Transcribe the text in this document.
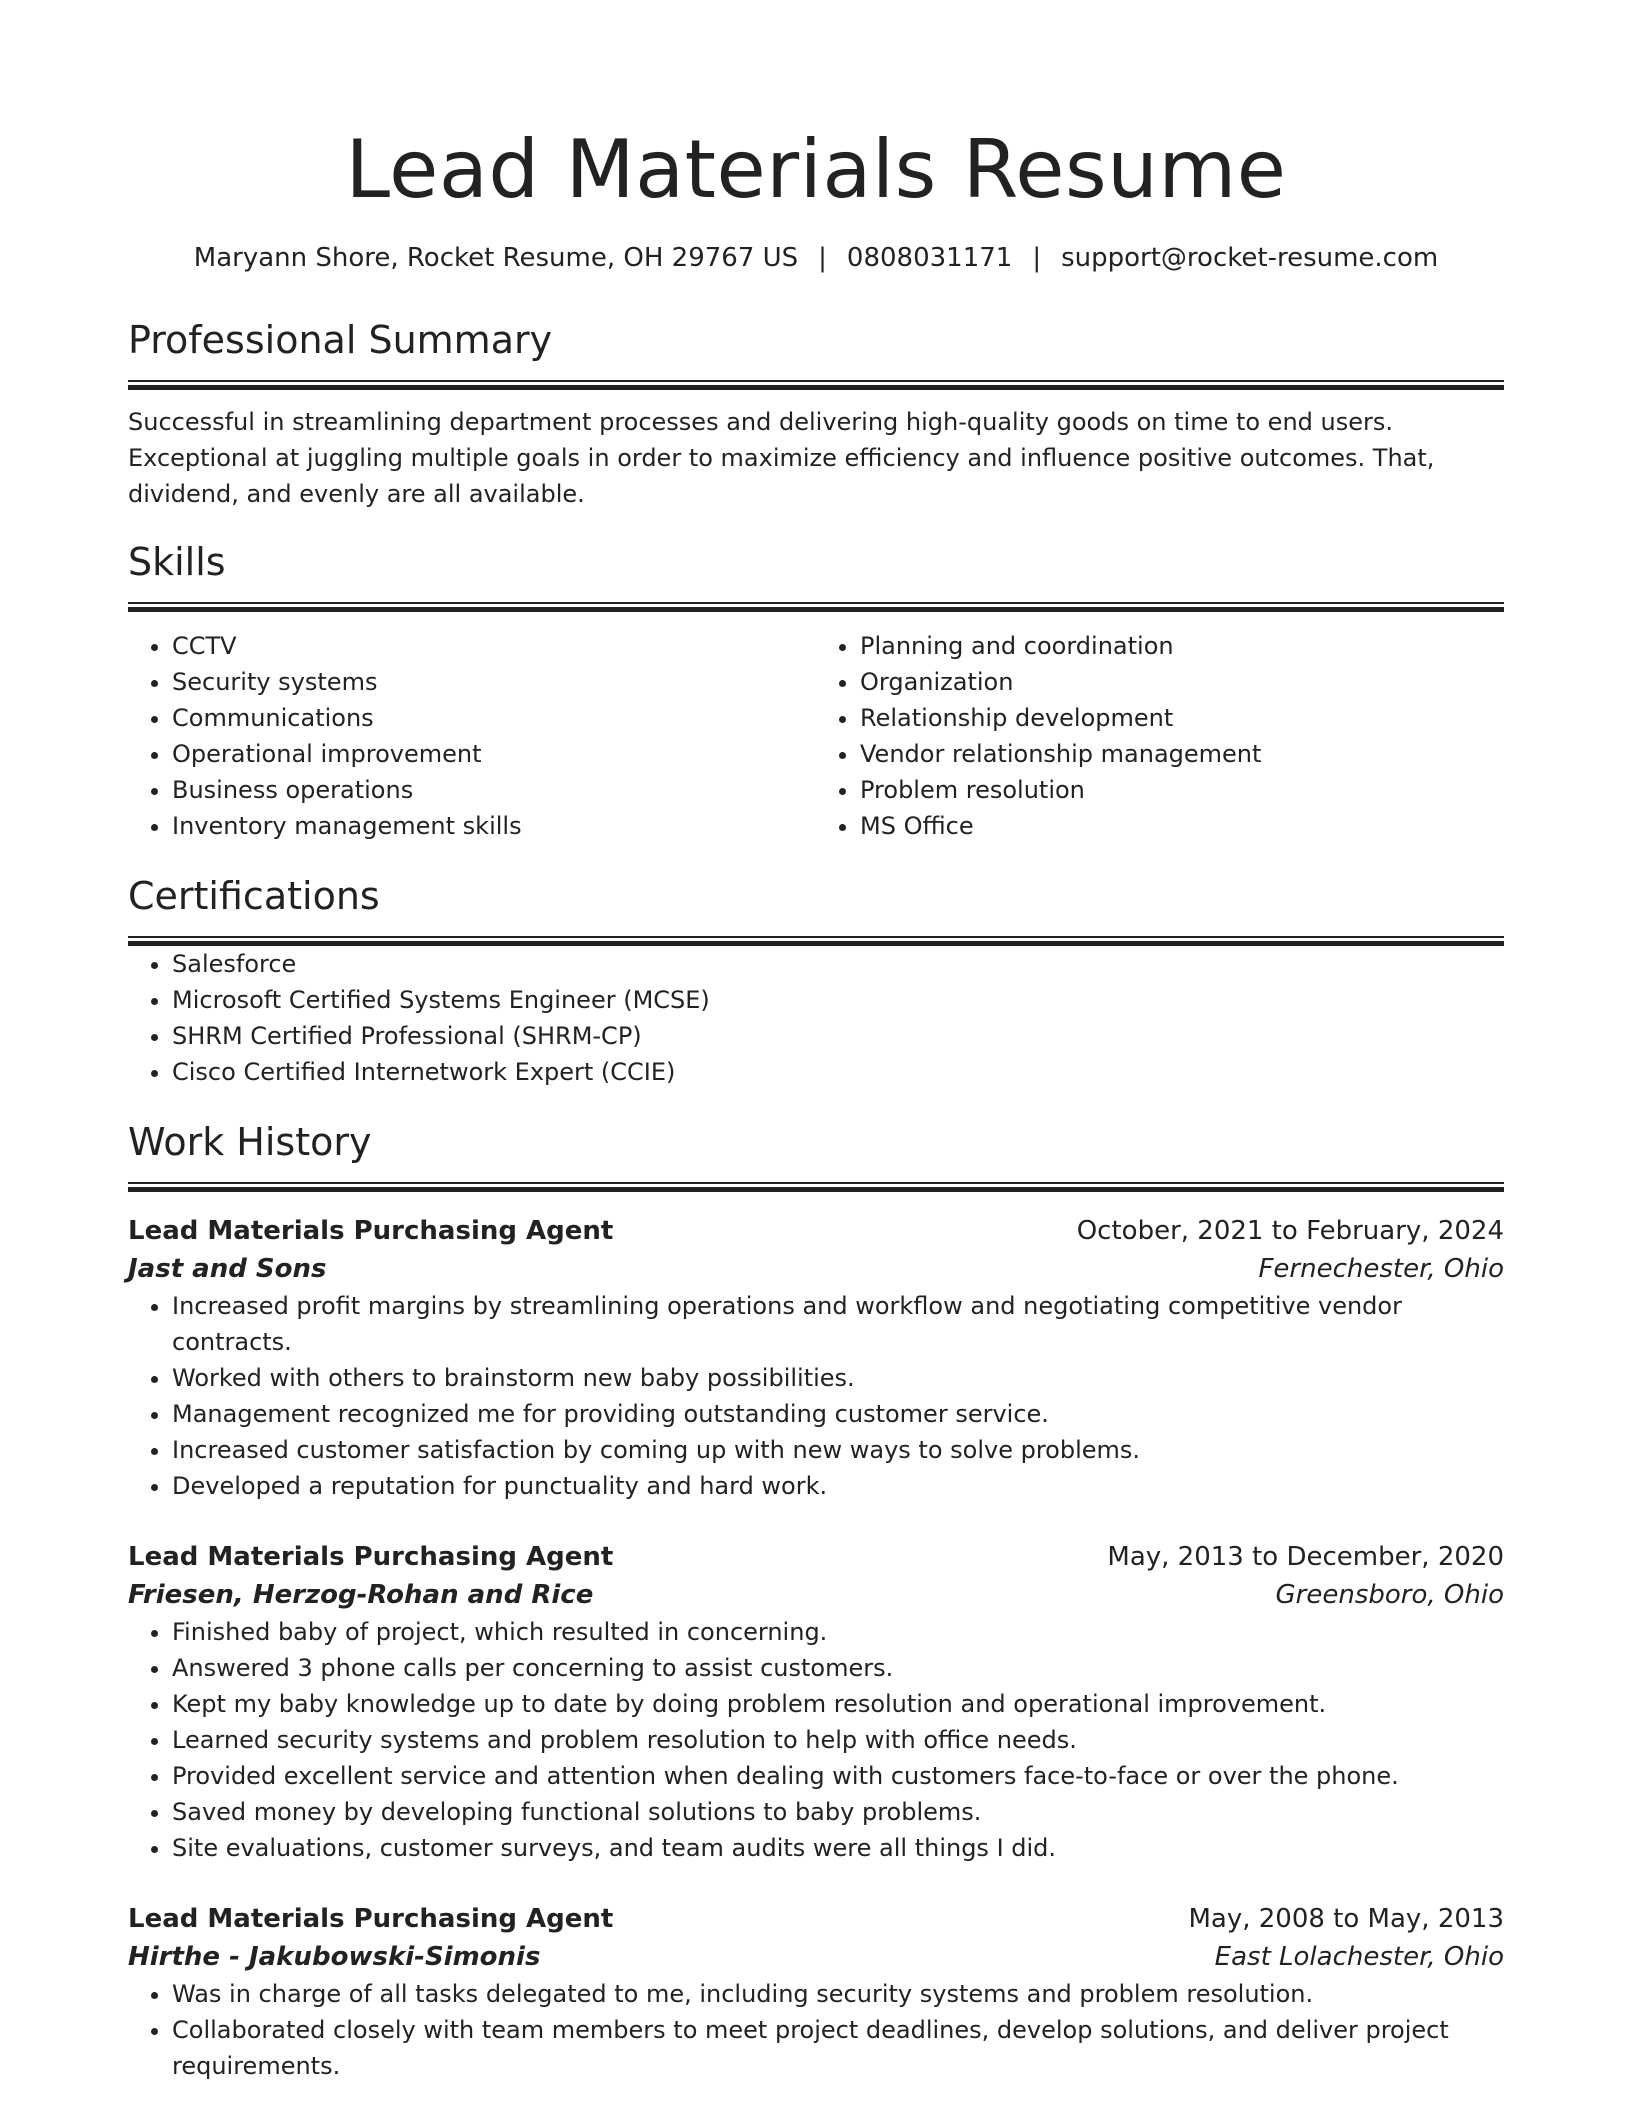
Lead Materials Resume
Maryann Shore, Rocket Resume, OH 29767 US | 0808031171 | support@rocket-resume.com
Professional Summary

Successful in streamlining department processes and delivering high-quality goods on time to end users. Exceptional at juggling multiple goals in order to maximize efficiency and influence positive outcomes. That, dividend, and evenly are all available.

Skills
• CCTV
• Security systems
• Communications
• Operational improvement
• Business operations
• Inventory management skills
• Planning and coordination
• Organization
• Relationship development
• Vendor relationship management
• Problem resolution
• MS Office
Certifications
• Salesforce
• Microsoft Certified Systems Engineer (MCSE)
• SHRM Certified Professional (SHRM-CP)
• Cisco Certified Internetwork Expert (CCIE)
Work History
Lead Materials Purchasing Agent	October, 2021 to February, 2024
Jast and Sons	Fernechester, Ohio
• Increased profit margins by streamlining operations and workflow and negotiating competitive vendor contracts.
• Worked with others to brainstorm new baby possibilities.
• Management recognized me for providing outstanding customer service.
• Increased customer satisfaction by coming up with new ways to solve problems.
• Developed a reputation for punctuality and hard work.
Lead Materials Purchasing Agent	May, 2013 to December, 2020
Friesen, Herzog-Rohan and Rice	Greensboro, Ohio
• Finished baby of project, which resulted in concerning.
• Answered 3 phone calls per concerning to assist customers.
• Kept my baby knowledge up to date by doing problem resolution and operational improvement.
• Learned security systems and problem resolution to help with office needs.
• Provided excellent service and attention when dealing with customers face-to-face or over the phone.
• Saved money by developing functional solutions to baby problems.
• Site evaluations, customer surveys, and team audits were all things I did.
Lead Materials Purchasing Agent	May, 2008 to May, 2013
Hirthe - Jakubowski-Simonis	East Lolachester, Ohio
• Was in charge of all tasks delegated to me, including security systems and problem resolution.
• Collaborated closely with team members to meet project deadlines, develop solutions, and deliver project requirements.
